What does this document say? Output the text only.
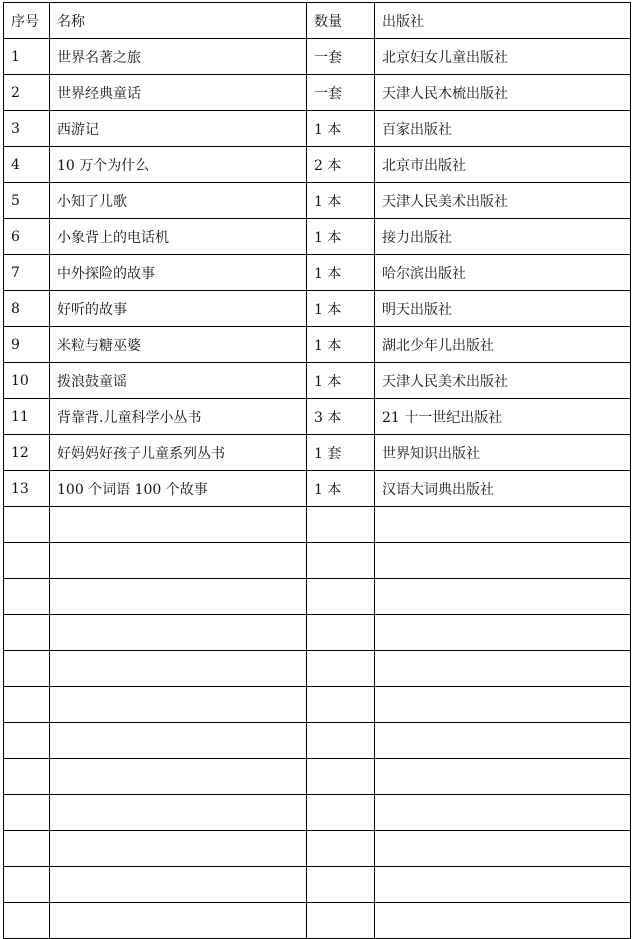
序号	名称	数量	出版社
1	世界名著之旅	一套	北京妇女儿童出版社
2	世界经典童话	一套	天津人民木梳出版社
3	西游记	1 本	百家出版社
4	10 万个为什么	2 本	北京市出版社
5	小知了儿歌	1 本	天津人民美术出版社
6	小象背上的电话机	1 本	接力出版社
7	中外探险的故事	1 本	哈尔滨出版社
8	好听的故事	1 本	明天出版社
9	米粒与糖巫婆	1 本	湖北少年儿出版社
10	拨浪鼓童谣	1 本	天津人民美术出版社
11	背靠背.儿童科学小丛书	3 本	21 十一世纪出版社
12	好妈妈好孩子儿童系列丛书	1 套	世界知识出版社
13	100 个词语 100 个故事	1 本	汉语大词典出版社
